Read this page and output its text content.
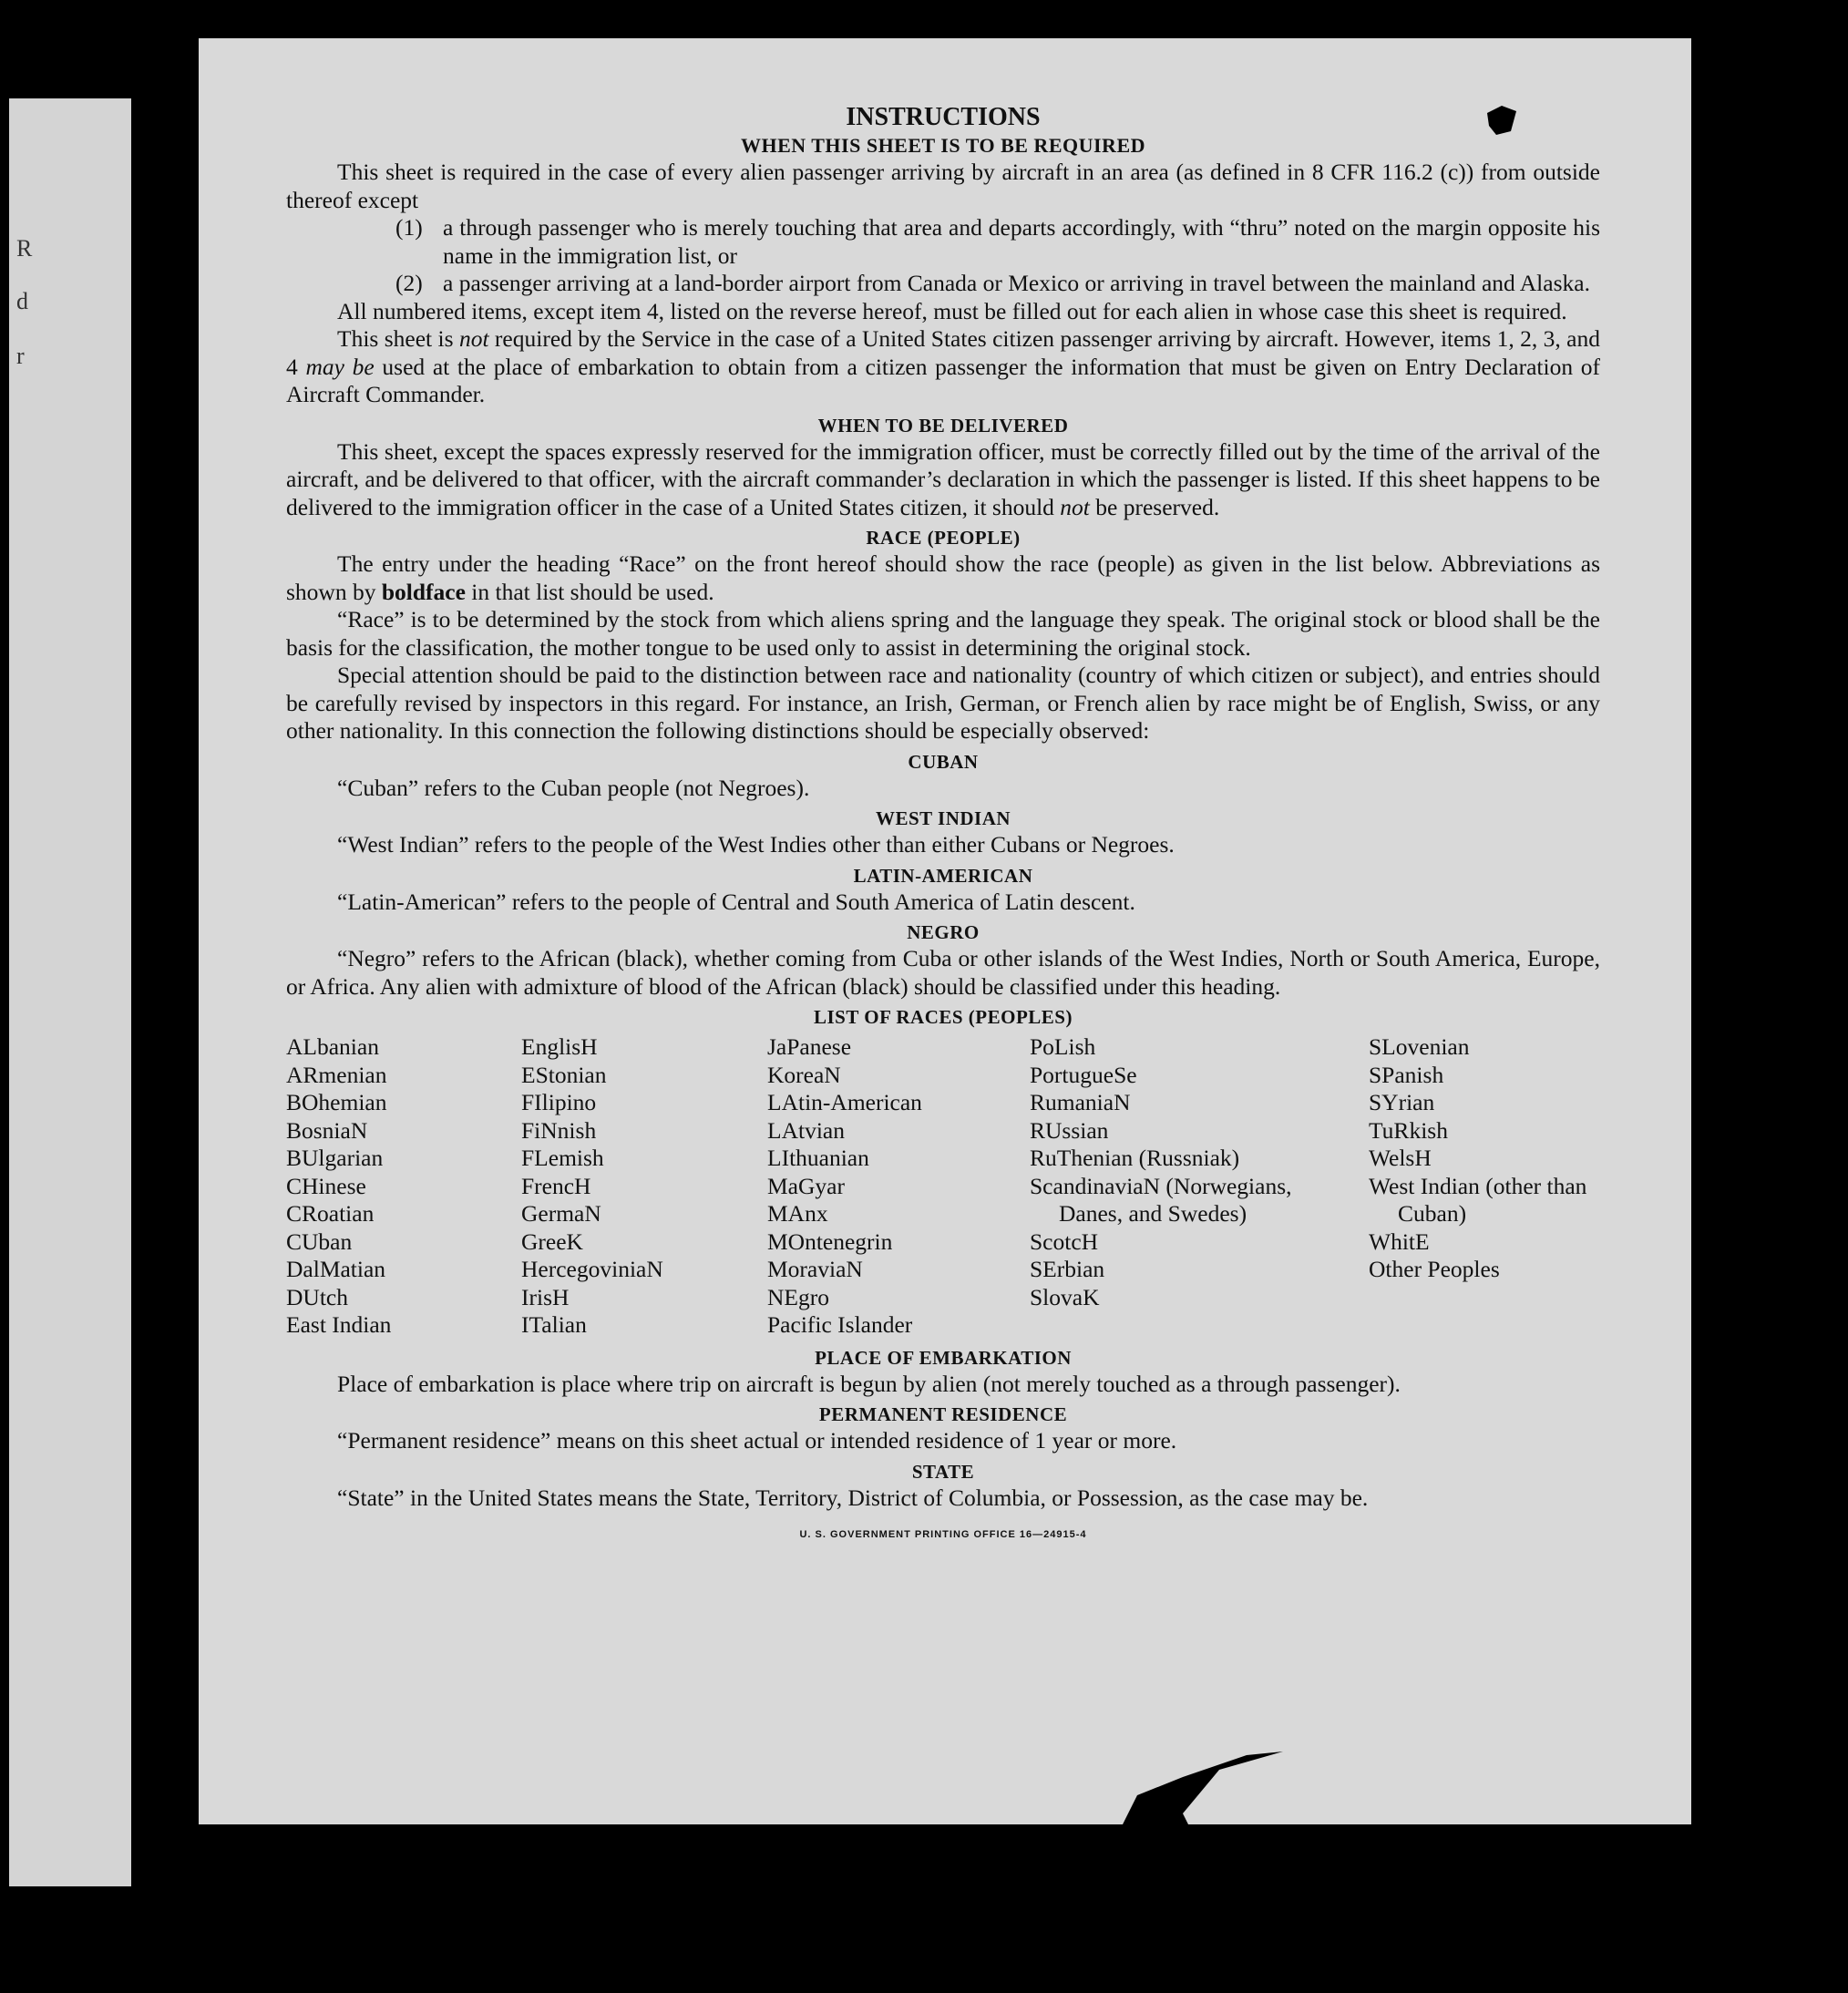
R
d
r
INSTRUCTIONS
WHEN THIS SHEET IS TO BE REQUIRED

This sheet is required in the case of every alien passenger arriving by aircraft in an area (as defined in 8 CFR 116.2 (c)) from outside thereof except

(1) a through passenger who is merely touching that area and departs accordingly, with “thru” noted on the margin opposite his name in the immigration list, or
(2) a passenger arriving at a land-border airport from Canada or Mexico or arriving in travel between the mainland and Alaska.

All numbered items, except item 4, listed on the reverse hereof, must be filled out for each alien in whose case this sheet is required.

This sheet is not required by the Service in the case of a United States citizen passenger arriving by aircraft. However, items 1, 2, 3, and 4 may be used at the place of embarkation to obtain from a citizen passenger the information that must be given on Entry Declaration of Aircraft Commander.

WHEN TO BE DELIVERED

This sheet, except the spaces expressly reserved for the immigration officer, must be correctly filled out by the time of the arrival of the aircraft, and be delivered to that officer, with the aircraft commander’s declaration in which the passenger is listed. If this sheet happens to be delivered to the immigration officer in the case of a United States citizen, it should not be preserved.

RACE (PEOPLE)

The entry under the heading “Race” on the front hereof should show the race (people) as given in the list below. Abbreviations as shown by boldface in that list should be used.

“Race” is to be determined by the stock from which aliens spring and the language they speak. The original stock or blood shall be the basis for the classification, the mother tongue to be used only to assist in determining the original stock.

Special attention should be paid to the distinction between race and nationality (country of which citizen or subject), and entries should be carefully revised by inspectors in this regard. For instance, an Irish, German, or French alien by race might be of English, Swiss, or any other nationality. In this connection the following distinctions should be especially observed:

CUBAN

“Cuban” refers to the Cuban people (not Negroes).

WEST INDIAN

“West Indian” refers to the people of the West Indies other than either Cubans or Negroes.

LATIN-AMERICAN

“Latin-American” refers to the people of Central and South America of Latin descent.

NEGRO

“Negro” refers to the African (black), whether coming from Cuba or other islands of the West Indies, North or South America, Europe, or Africa. Any alien with admixture of blood of the African (black) should be classified under this heading.

LIST OF RACES (PEOPLES)
ALbanian
ARmenian
BOhemian
BosniaN
BUlgarian
CHinese
CRoatian
CUban
DalMatian
DUtch
East Indian
EnglisH
EStonian
FIlipino
FiNnish
FLemish
FrencH
GermaN
GreeK
HercegoviniaN
IrisH
ITalian
JaPanese
KoreaN
LAtin-American
LAtvian
LIthuanian
MaGyar
MAnx
MOntenegrin
MoraviaN
NEgro
Pacific Islander
PoLish
PortugueSe
RumaniaN
RUssian
RuThenian (Russniak)
ScandinaviaN (Norwegians, Danes, and Swedes)
ScotcH
SErbian
SlovaK
SLovenian
SPanish
SYrian
TuRkish
WelsH
West Indian (other than Cuban)
WhitE
Other Peoples
PLACE OF EMBARKATION

Place of embarkation is place where trip on aircraft is begun by alien (not merely touched as a through passenger).

PERMANENT RESIDENCE

“Permanent residence” means on this sheet actual or intended residence of 1 year or more.

STATE

“State” in the United States means the State, Territory, District of Columbia, or Possession, as the case may be.

U. S. GOVERNMENT PRINTING OFFICE 16—24915-4
